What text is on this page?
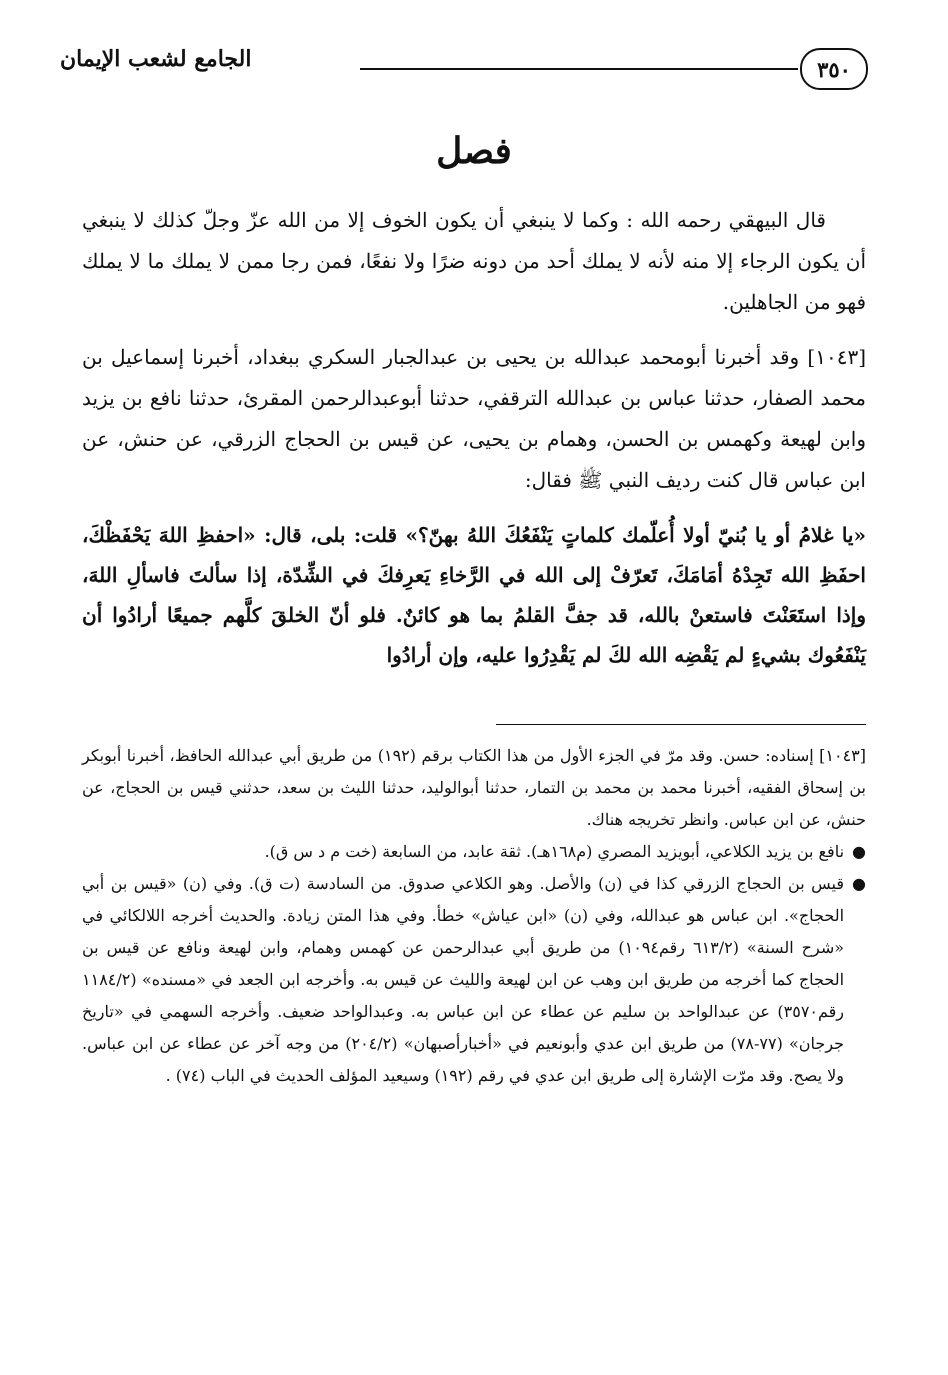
٣٥٠
الجامع لشعب الإيمان
فصل

قال البيهقي رحمه الله : وكما لا ينبغي أن يكون الخوف إلا من الله عزّ وجلّ كذلك لا ينبغي أن يكون الرجاء إلا منه لأنه لا يملك أحد من دونه ضرًا ولا نفعًا، فمن رجا ممن لا يملك ما لا يملك فهو من الجاهلين.

[١٠٤٣] وقد أخبرنا أبومحمد عبدالله بن يحيى بن عبدالجبار السكري ببغداد، أخبرنا إسماعيل بن محمد الصفار، حدثنا عباس بن عبدالله الترقفي، حدثنا أبوعبدالرحمن المقرئ، حدثنا نافع بن يزيد وابن لهيعة وكهمس بن الحسن، وهمام بن يحيى، عن قيس بن الحجاج الزرقي، عن حنش، عن ابن عباس قال كنت رديف النبي ﷺ فقال:

«يا غلامُ أو يا بُنيّ أولا أُعلّمك كلماتٍ يَنْفَعُكَ اللهُ بهنّ؟» قلت: بلى، قال: «احفظِ اللهَ يَحْفَظْكَ، احفَظِ الله تَجِدْهُ أمَامَكَ، تَعرّفْ إلى الله في الرَّخاءِ يَعرِفكَ في الشِّدّة، إذا سألتَ فاسألِ اللهَ، وإذا استَعَنْتَ فاستعنْ بالله، قد جفَّ القلمُ بما هو كائنٌ. فلو أنّ الخلقَ كلَّهم جميعًا أرادُوا أن يَنْفَعُوك بشيءٍ لم يَقْضِه الله لكَ لم يَقْدِرُوا عليه، وإن أرادُوا

[١٠٤٣] إسناده: حسن. وقد مرّ في الجزء الأول من هذا الكتاب برقم (١٩٢) من طريق أبي عبدالله الحافظ، أخبرنا أبوبكر بن إسحاق الفقيه، أخبرنا محمد بن محمد بن التمار، حدثنا أبوالوليد، حدثنا الليث بن سعد، حدثني قيس بن الحجاج، عن حنش، عن ابن عباس. وانظر تخريجه هناك.

●

نافع بن يزيد الكلاعي، أبويزيد المصري (م١٦٨هـ). ثقة عابد، من السابعة (خت م د س ق).

●

قيس بن الحجاج الزرقي كذا في (ن) والأصل. وهو الكلاعي صدوق. من السادسة (ت ق). وفي (ن) «قيس بن أبي الحجاج». ابن عباس هو عبدالله، وفي (ن) «ابن عياش» خطأ. وفي هذا المتن زيادة. والحديث أخرجه اللالكائي في «شرح السنة» (٦١٣/٢ رقم١٠٩٤) من طريق أبي عبدالرحمن عن كهمس وهمام، وابن لهيعة ونافع عن قيس بن الحجاج كما أخرجه من طريق ابن وهب عن ابن لهيعة والليث عن قيس به. وأخرجه ابن الجعد في «مسنده» (١١٨٤/٢ رقم٣٥٧٠) عن عبدالواحد بن سليم عن عطاء عن ابن عباس به. وعبدالواحد ضعيف. وأخرجه السهمي في «تاريخ جرجان» (٧٧-٧٨) من طريق ابن عدي وأبونعيم في «أخبارأصبهان» (٢٠٤/٢) من وجه آخر عن عطاء عن ابن عباس. ولا يصح. وقد مرّت الإشارة إلى طريق ابن عدي في رقم (١٩٢) وسيعيد المؤلف الحديث في الباب (٧٤) .
